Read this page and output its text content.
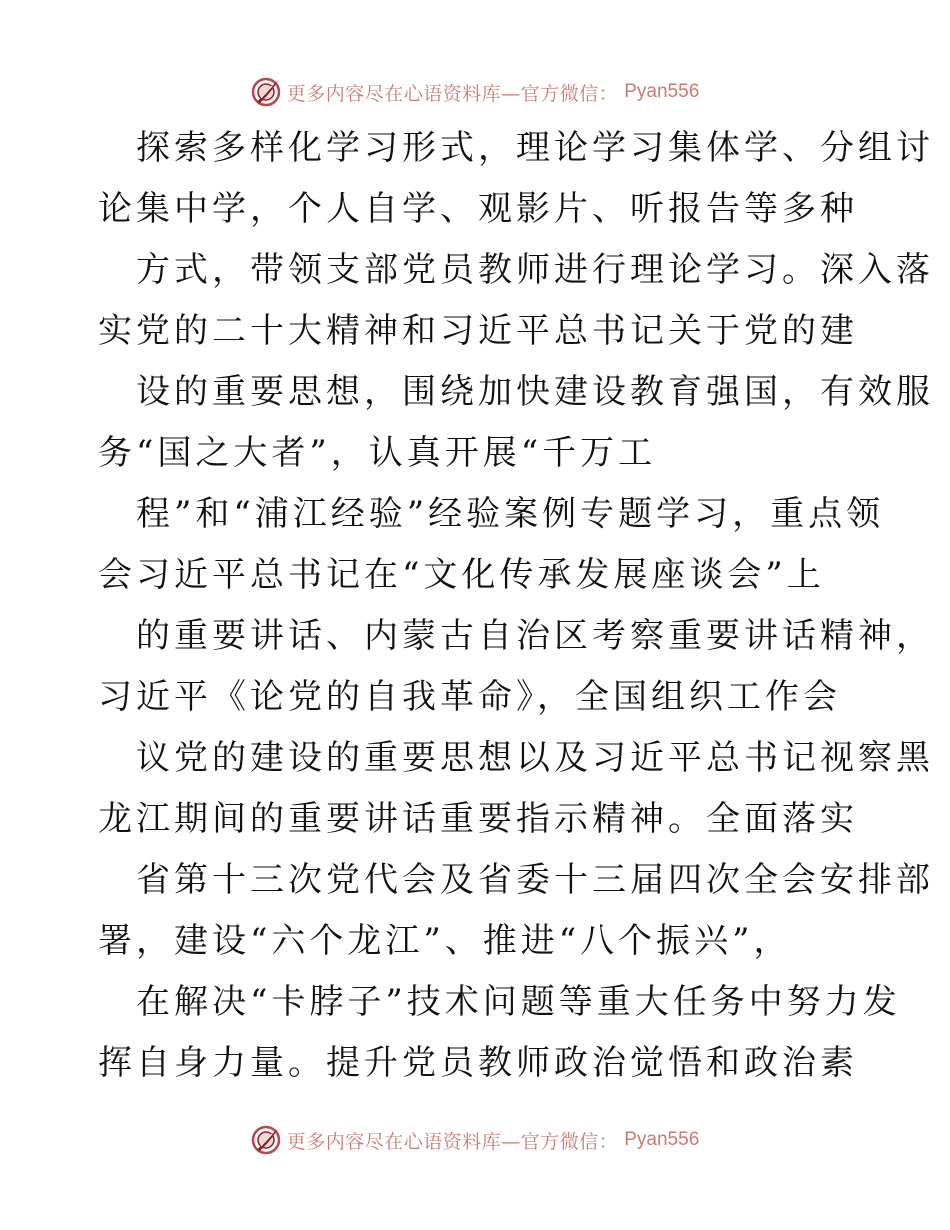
更多内容尽在心语资料库—官方微信： Pyan556
探索多样化学习形式，理论学习集体学、分组讨
论集中学，个人自学、观影片、听报告等多种
方式，带领支部党员教师进行理论学习。深入落
实党的二十大精神和习近平总书记关于党的建
设的重要思想，围绕加快建设教育强国，有效服
务“国之大者”，认真开展“千万工
程”和“浦江经验”经验案例专题学习，重点领
会习近平总书记在“文化传承发展座谈会”上
的重要讲话、内蒙古自治区考察重要讲话精神，
习近平《论党的自我革命》，全国组织工作会
议党的建设的重要思想以及习近平总书记视察黑
龙江期间的重要讲话重要指示精神。全面落实
省第十三次党代会及省委十三届四次全会安排部
署，建设“六个龙江”、推进“八个振兴”，
在解决“卡脖子”技术问题等重大任务中努力发
挥自身力量。提升党员教师政治觉悟和政治素
更多内容尽在心语资料库—官方微信： Pyan556
